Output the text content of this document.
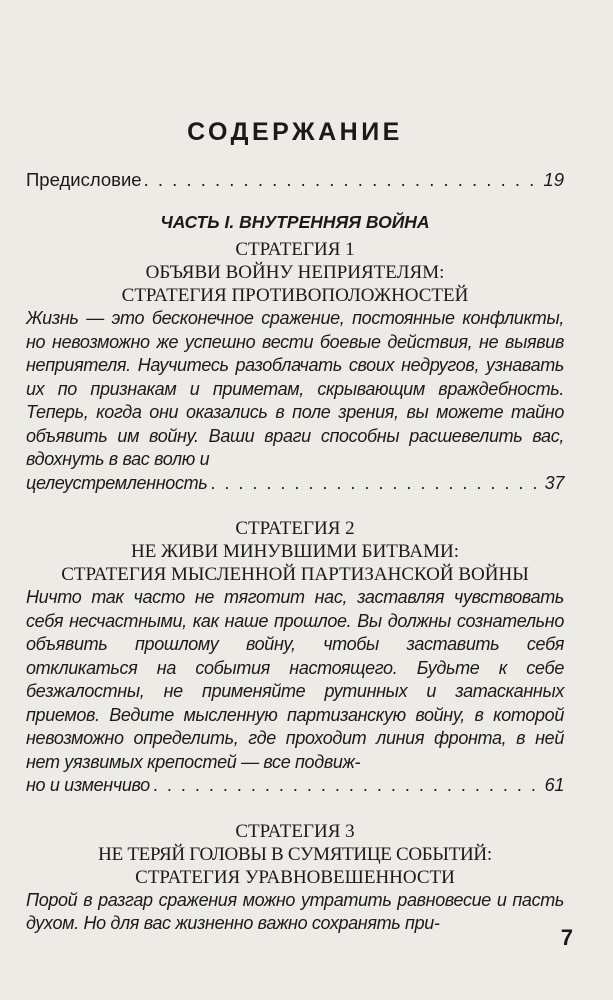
СОДЕРЖАНИЕ
Предисловие . . .	19
ЧАСТЬ I. ВНУТРЕННЯЯ ВОЙНА
СТРАТЕГИЯ 1
ОБЪЯВИ ВОЙНУ НЕПРИЯТЕЛЯМ:
СТРАТЕГИЯ ПРОТИВОПОЛОЖНОСТЕЙ
Жизнь — это бесконечное сражение, постоянные конфликты, но невозможно же успешно вести боевые действия, не выявив неприятеля. Научитесь разоблачать своих недругов, узнавать их по признакам и приметам, скрывающим враждебность. Теперь, когда они оказались в поле зрения, вы можете тайно объявить им войну. Ваши враги способны расшевелить вас, вдохнуть в вас волю и
целеустремленность . . .	37
СТРАТЕГИЯ 2
НЕ ЖИВИ МИНУВШИМИ БИТВАМИ:
СТРАТЕГИЯ МЫСЛЕННОЙ ПАРТИЗАНСКОЙ ВОЙНЫ
Ничто так часто не тяготит нас, заставляя чувствовать себя несчастными, как наше прошлое. Вы должны сознательно объявить прошлому войну, чтобы заставить себя откликаться на события настоящего. Будьте к себе безжалостны, не применяйте рутинных и затасканных приемов. Ведите мысленную партизанскую войну, в которой невозможно определить, где проходит линия фронта, в ней нет уязвимых крепостей — все подвиж-
но и изменчиво . . .	61
СТРАТЕГИЯ 3
НЕ ТЕРЯЙ ГОЛОВЫ В СУМЯТИЦЕ СОБЫТИЙ:
СТРАТЕГИЯ УРАВНОВЕШЕННОСТИ
Порой в разгар сражения можно утратить равновесие и пасть духом. Но для вас жизненно важно сохранять при-
7
